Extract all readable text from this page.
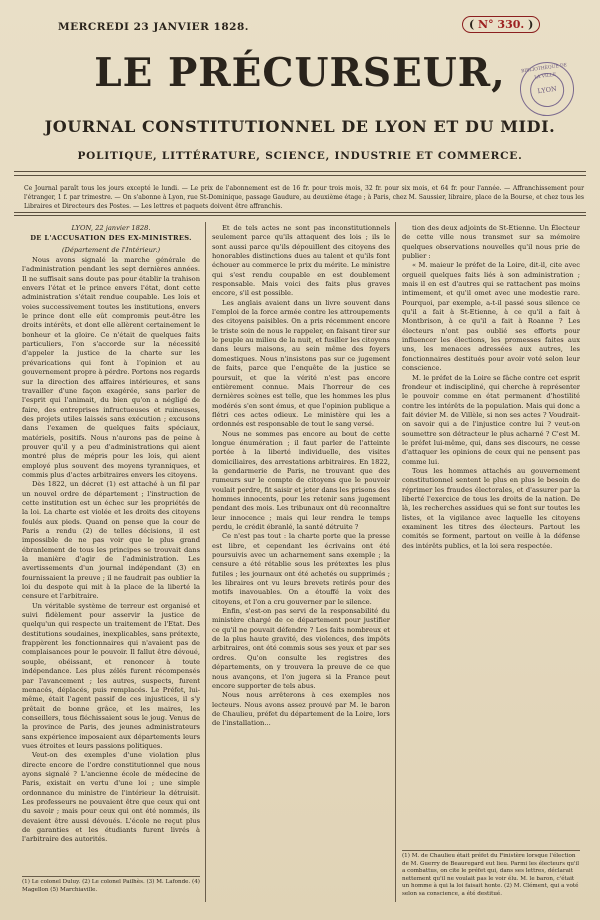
MERCREDI 23 JANVIER 1828.	( N° 330. )
LE PRÉCURSEUR,
JOURNAL CONSTITUTIONNEL DE LYON ET DU MIDI.
POLITIQUE, LITTÉRATURE, SCIENCE, INDUSTRIE ET COMMERCE.
BIBLIOTHÈQUE DE LA VILLE
LYON
Ce Journal paraît tous les jours excepté le lundi. — Le prix de l'abonnement est de 16 fr. pour trois mois, 32 fr. pour six mois, et 64 fr. pour l'année. — Affranchissement pour l'étranger, 1 f. par trimestre. — On s'abonne à Lyon, rue St-Dominique, passage Gaudure, au deuxième étage ; à Paris, chez M. Saussier, libraire, place de la Bourse, et chez tous les Libraires et Directeurs des Postes. — Les lettres et paquets doivent être affranchis.
LYON, 22 janvier 1828.
DE L'ACCUSATION DES EX-MINISTRES.
(Département de l'Intérieur.)

Nous avons signalé la marche générale de l'administration pendant les sept dernières années. Il ne suffisait sans doute pas pour établir la trahison envers l'état et le prince envers l'état, dont cette administration s'était rendue coupable. Les lois et voies successivement toutes les institutions, envers le prince dont elle eût compromis peut-être les droits intérêts, et dont elle allèrent certainement le bonheur et la gloire. Ce n'était de quelques faits particuliers, l'on s'accorde sur la nécessité d'appeler la justice de la charte sur les prévarications qui font à l'opinion et au gouvernement propre à pérdre. Portons nos regards sur la direction des affaires intérieures, et sans travailler d'une façon exagérée, sans parler de l'esprit qui l'animait, du bien qu'on a négligé de faire, des entreprises infructueuses et ruineuses, des projets utiles laissés sans exécution ; excusons dans l'examen de quelques faits spéciaux, matériels, positifs. Nous n'aurons pas de peine à prouver qu'il y a peu d'administrations qui aient montré plus de mépris pour les lois, qui aient employé plus souvent des moyens tyranniques, et commis plus d'actes arbitraires envers les citoyens.

Dès 1822, un décret (1) est attaché à un fil par un nouvel ordre de département ; l'instruction de cette institution est un échec sur les propriétés de la loi. La charte est violée et les droits des citoyens foulés aux pieds. Quand on pense que la cour de Paris a rendu (2) de telles décisions, il est impossible de ne pas voir que le plus grand ébranlement de tous les principes se trouvait dans la manière d'agir de l'administration. Les avertissements d'un journal indépendant (3) en fournissaient la preuve ; il ne faudrait pas oublier la loi du despote qui mit à la place de la liberté la censure et l'arbitraire.

Un véritable système de terreur est organisé et suivi fidèlement pour asservir la justice de quelqu'un qui respecte un traitement de l'Etat. Des destitutions soudaines, inexplicables, sans prétexte, frappèrent les fonctionnaires qui n'avaient pas de complaisances pour le pouvoir. Il fallut être dévoué, souple, obéissant, et renoncer à toute indépendance. Les plus zélés furent récompensés par l'avancement ; les autres, suspects, furent menacés, déplacés, puis remplacés. Le Préfet, lui-même, était l'agent passif de ces injustices, il s'y prêtait de bonne grâce, et les maires, les conseillers, tous fléchissaient sous le joug. Venus de la province de Paris, des jeunes administrateurs sans expérience imposaient aux départements leurs vues étroites et leurs passions politiques.

Veut-on des exemples d'une violation plus directe encore de l'ordre constitutionnel que nous ayons signalé ? L'ancienne école de médecine de Paris, existait en vertu d'une loi ; une simple ordonnance du ministre de l'intérieur la détruisit. Les professeurs ne pouvaient être que ceux qui ont du savoir ; mais pour ceux qui ont été nommés, ils devaient être aussi dévoués. L'école ne reçut plus de garanties et les étudiants furent livrés à l'arbitraire des autorités.

Et de tels actes ne sont pas inconstitutionnels seulement parce qu'ils attaquent des lois ; ils le sont aussi parce qu'ils dépouillent des citoyens des honorables distinctions dues au talent et qu'ils font échouer au commerce le prix du mérite. Le ministre qui s'est rendu coupable en est doublement responsable. Mais voici des faits plus graves encore, s'il est possible.

Les anglais avaient dans un livre souvent dans l'emploi de la force armée contre les attroupements des citoyens paisibles. On a pris récemment encore le triste soin de nous le rappeler, en faisant tirer sur le peuple au milieu de la nuit, et fusiller les citoyens dans leurs maisons, au sein même des foyers domestiques. Nous n'insistons pas sur ce jugement de faits, parce que l'enquête de la justice se poursuit, et que la vérité n'est pas encore entièrement connue. Mais l'horreur de ces dernières scènes est telle, que les hommes les plus modérés s'en sont émus, et que l'opinion publique a flétri ces actes odieux. Le ministère qui les a ordonnés est responsable de tout le sang versé.

Nous ne sommes pas encore au bout de cette longue énumération ; il faut parler de l'atteinte portée à la liberté individuelle, des visites domiciliaires, des arrestations arbitraires. En 1822, la gendarmerie de Paris, ne trouvant que des rumeurs sur le compte de citoyens que le pouvoir voulait perdre, fit saisir et jeter dans les prisons des hommes innocents, pour les retenir sans jugement pendant des mois. Les tribunaux ont dû reconnaître leur innocence ; mais qui leur rendra le temps perdu, le crédit ébranlé, la santé détruite ?

Ce n'est pas tout : la charte porte que la presse est libre, et cependant les écrivains ont été poursuivis avec un acharnement sans exemple ; la censure a été rétablie sous les prétextes les plus futiles ; les journaux ont été achetés ou supprimés ; les libraires ont vu leurs brevets retirés pour des motifs inavouables. On a étouffé la voix des citoyens, et l'on a cru gouverner par le silence.

Enfin, s'est-on pas servi de la responsabilité du ministère chargé de ce département pour justifier ce qu'il ne pouvait défendre ? Les faits nombreux et de la plus haute gravité, des violences, des impôts arbitraires, ont été commis sous ses yeux et par ses ordres. Qu'on consulte les registres des départements, on y trouvera la preuve de ce que nous avançons, et l'on jugera si la France peut encore supporter de tels abus.

Nous nous arrêterons à ces exemples nos lecteurs. Nous avons assez prouvé par M. le baron de Chaulieu, préfet du département de la Loire, lors de l'installation...

tion des deux adjoints de St-Etienne. Un Électeur de cette ville nous transmet sur sa mémoire quelques observations nouvelles qu'il nous prie de publier :

« M. maieur le préfet de la Loire, dit-il, cite avec orgueil quelques faits liés à son administration ; mais il en est d'autres qui se rattachent pas moins intimement, et qu'il omet avec une modestie rare. Pourquoi, par exemple, a-t-il passé sous silence ce qu'il a fait à St-Etienne, à ce qu'il a fait à Montbrison, à ce qu'il a fait à Roanne ? Les électeurs n'ont pas oublié ses efforts pour influencer les élections, les promesses faites aux uns, les menaces adressées aux autres, les fonctionnaires destitués pour avoir voté selon leur conscience.

M. le préfet de la Loire se fâche contre cet esprit frondeur et indiscipliné, qui cherche à représenter le pouvoir comme en état permanent d'hostilité contre les intérêts de la population. Mais qui donc a fait dévier M. de Villèle, si non ses actes ? Voudrait-on savoir qui a de l'injustice contre lui ? veut-on soumettre son détracteur le plus acharné ? C'est M. le préfet lui-même, qui, dans ses discours, ne cesse d'attaquer les opinions de ceux qui ne pensent pas comme lui.

Tous les hommes attachés au gouvernement constitutionnel sentent le plus en plus le besoin de réprimer les fraudes électorales, et d'assurer par la liberté l'exercice de tous les droits de la nation. De là, les recherches assidues qui se font sur toutes les listes, et la vigilance avec laquelle les citoyens examinent les titres des électeurs. Partout les comités se forment, partout on veille à la défense des intérêts publics, et la loi sera respectée.

(1) Le colonel Duluy. (2) Le colonel Pailhès. (3) M. Lafonde. (4) Magellon (5) Marchiaville.
(1) M. de Chaulieu était préfet du Finistère lorsque l'élection de M. Guerry de Beauregard eut lieu. Parmi les électeurs qu'il a combattus, on cite le préfet qui, dans ses lettres, déclarait nettement qu'il ne voulait pas le voir élu. M. le baron, c'était un homme à qui la loi faisait honte. (2) M. Clément, qui a voté selon sa conscience, a été destitué.
